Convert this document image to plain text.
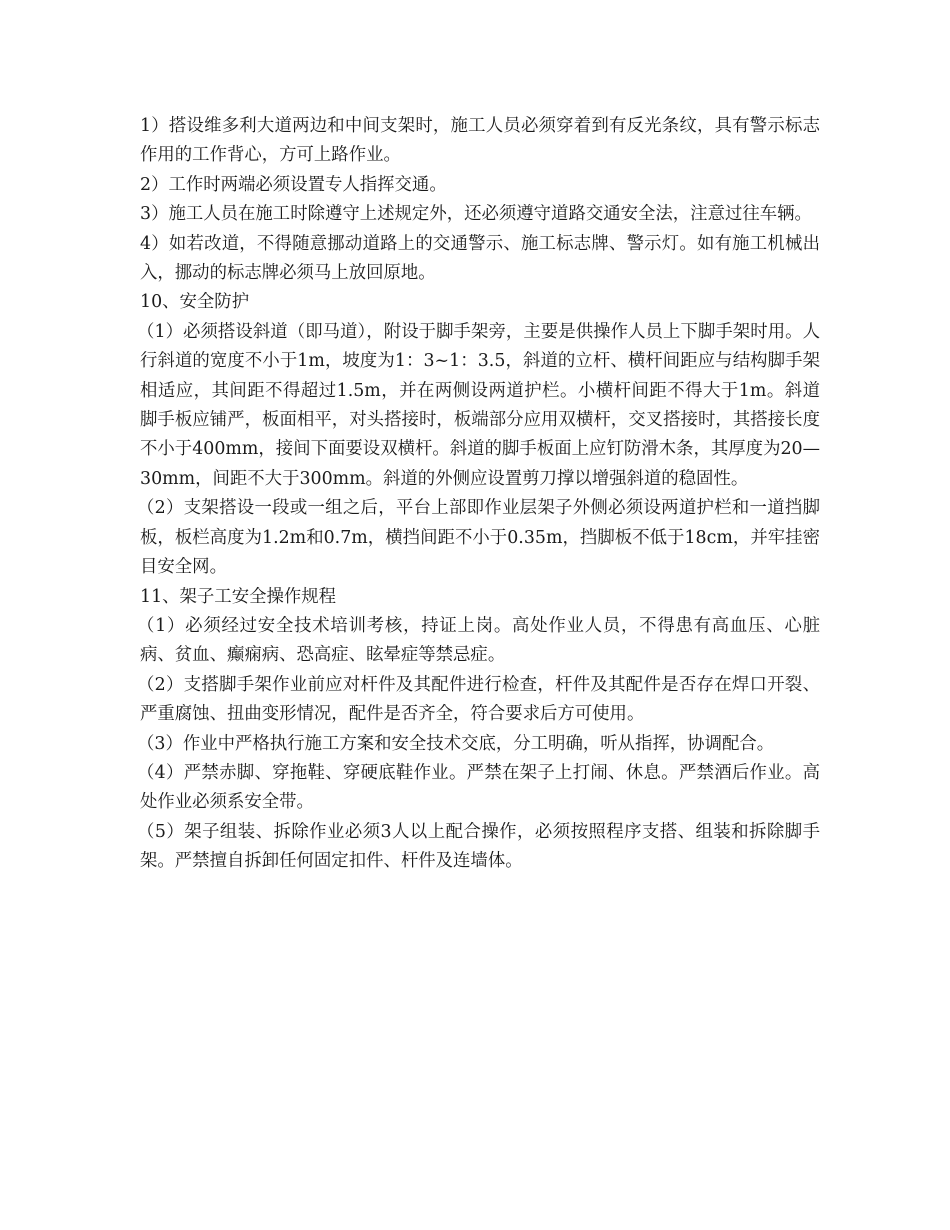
1）搭设维多利大道两边和中间支架时，施工人员必须穿着到有反光条纹，具有警示标志作用的工作背心，方可上路作业。

2）工作时两端必须设置专人指挥交通。

3）施工人员在施工时除遵守上述规定外，还必须遵守道路交通安全法，注意过往车辆。

4）如若改道，不得随意挪动道路上的交通警示、施工标志牌、警示灯。如有施工机械出入，挪动的标志牌必须马上放回原地。

10、安全防护

（1）必须搭设斜道（即马道），附设于脚手架旁，主要是供操作人员上下脚手架时用。人行斜道的宽度不小于1m，坡度为1：3~1：3.5，斜道的立杆、横杆间距应与结构脚手架相适应，其间距不得超过1.5m，并在两侧设两道护栏。小横杆间距不得大于1m。斜道脚手板应铺严，板面相平，对头搭接时，板端部分应用双横杆，交叉搭接时，其搭接长度不小于400mm，接间下面要设双横杆。斜道的脚手板面上应钉防滑木条，其厚度为20—30mm，间距不大于300mm。斜道的外侧应设置剪刀撑以增强斜道的稳固性。

（2）支架搭设一段或一组之后，平台上部即作业层架子外侧必须设两道护栏和一道挡脚板，板栏高度为1.2m和0.7m，横挡间距不小于0.35m，挡脚板不低于18cm，并牢挂密目安全网。

11、架子工安全操作规程

（1）必须经过安全技术培训考核，持证上岗。高处作业人员，不得患有高血压、心脏病、贫血、癫痫病、恐高症、眩晕症等禁忌症。

（2）支搭脚手架作业前应对杆件及其配件进行检查，杆件及其配件是否存在焊口开裂、严重腐蚀、扭曲变形情况，配件是否齐全，符合要求后方可使用。

（3）作业中严格执行施工方案和安全技术交底，分工明确，听从指挥，协调配合。

（4）严禁赤脚、穿拖鞋、穿硬底鞋作业。严禁在架子上打闹、休息。严禁酒后作业。高处作业必须系安全带。

（5）架子组装、拆除作业必须3人以上配合操作，必须按照程序支搭、组装和拆除脚手架。严禁擅自拆卸任何固定扣件、杆件及连墙体。
